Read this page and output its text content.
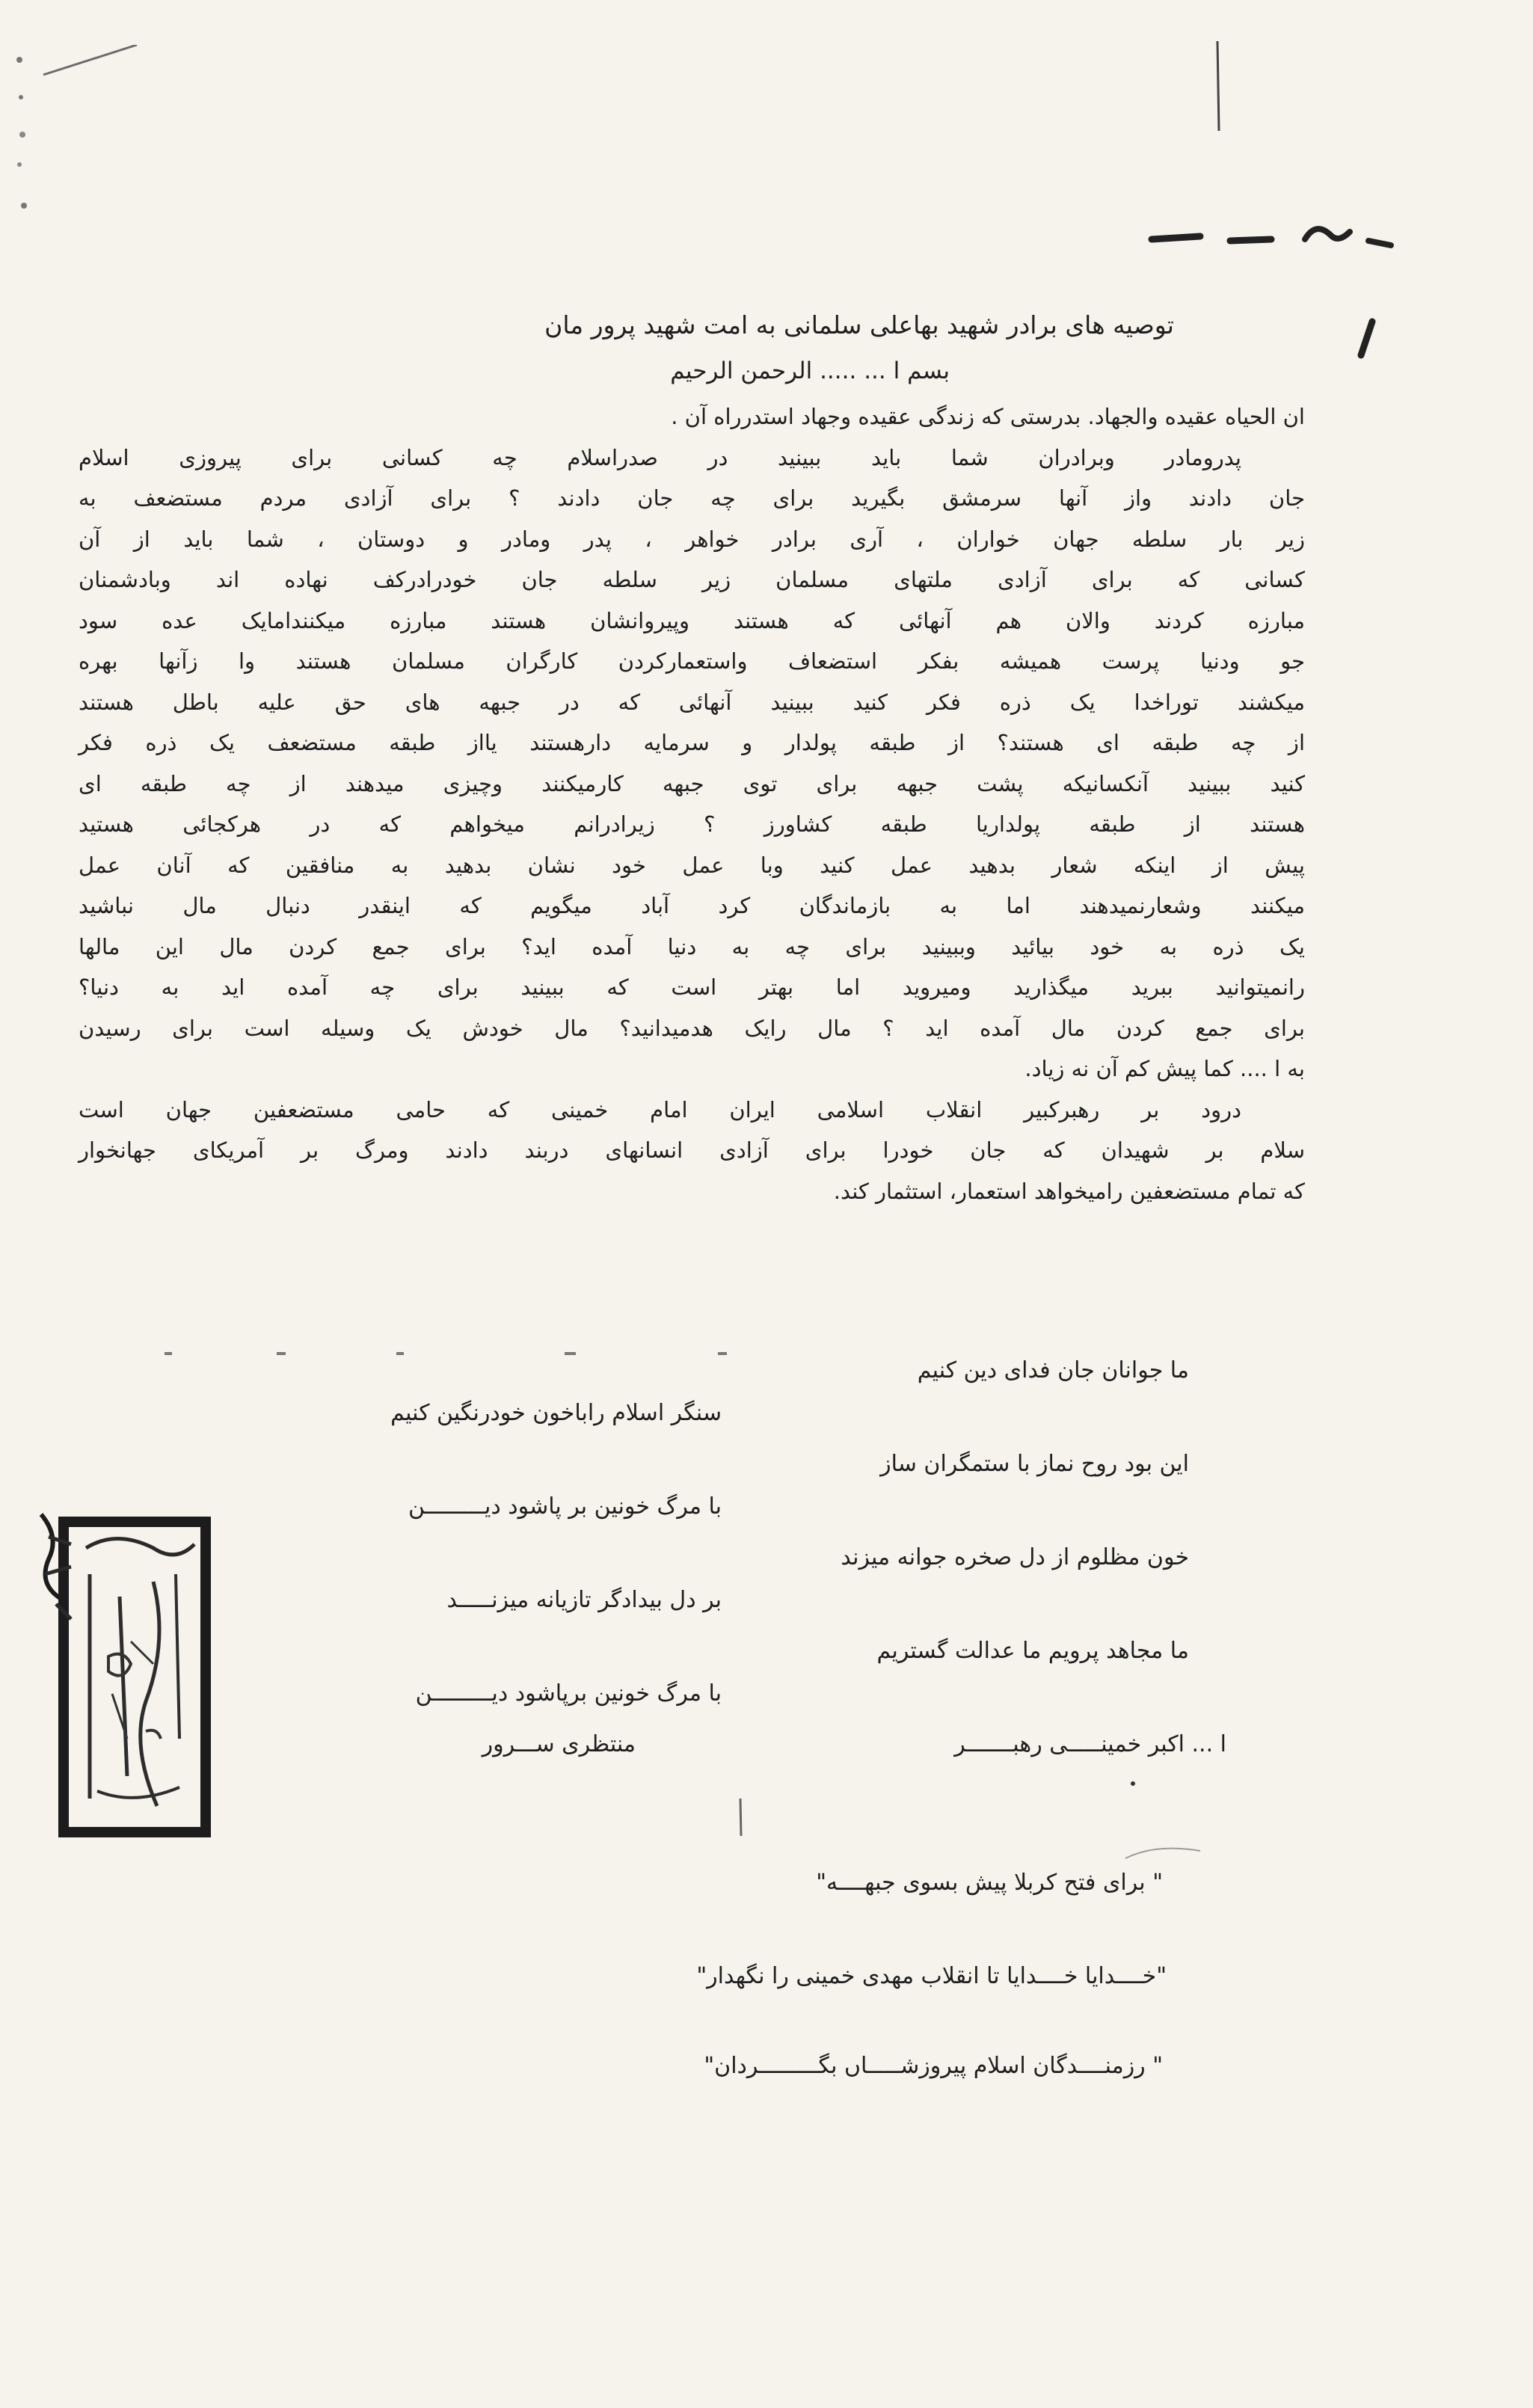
توصیه های برادر شهید بهاعلی سلمانی به امت شهید پرور مان
بسم ا ... ..... الرحمن الرحیم
ان الحیاه عقیده والجهاد. بدرستی که زندگی عقیده وجهاد استدرراه آن .
پدرومادر وبرادران شما باید ببینید در صدراسلام چه کسانی برای پیروزی اسلام
جان دادند واز آنها سرمشق بگیرید برای چه جان دادند ؟ برای آزادی مردم مستضعف به
زیر بار سلطه جهان خواران ، آری برادر خواهر ، پدر ومادر و دوستان ، شما باید از آن
کسانی که برای آزادی ملتهای مسلمان زیر سلطه جان خودرادرکف نهاده اند وبادشمنان
مبارزه کردند والان هم آنهائی که هستند وپیروانشان هستند مبارزه میکنندامایک عده سود
جو ودنیا پرست همیشه بفکر استضعاف واستعمارکردن کارگران مسلمان هستند وا زآنها بهره
میکشند توراخدا یک ذره فکر کنید ببینید آنهائی که در جبهه های حق علیه باطل هستند
از چه طبقه ای هستند؟ از طبقه پولدار و سرمایه دارهستند یااز طبقه مستضعف یک ذره فکر
کنید ببینید آنکسانیکه پشت جبهه برای توی جبهه کارمیکنند وچیزی میدهند از چه طبقه ای
هستند از طبقه پولداریا طبقه کشاورز ؟ زیرادرانم میخواهم که در هرکجائی هستید
پیش از اینکه شعار بدهید عمل کنید وبا عمل خود نشان بدهید به منافقین که آنان عمل
میکنند وشعارنمیدهند اما به بازماندگان کرد آباد میگویم که اینقدر دنبال مال نباشید
یک ذره به خود بیائید وببینید برای چه به دنیا آمده اید؟ برای جمع کردن مال این مالها
رانمیتوانید ببرید میگذارید ومیروید اما بهتر است که ببینید برای چه آمده اید به دنیا؟
برای جمع کردن مال آمده اید ؟ مال رایک هدمیدانید؟ مال خودش یک وسیله است برای رسیدن
به ا .... کما پیش کم آن نه زیاد.
درود بر رهبرکبیر انقلاب اسلامی ایران امام خمینی که حامی مستضعفین جهان است
سلام بر شهیدان که جان خودرا برای آزادی انسانهای دربند دادند ومرگ بر آمریکای جهانخوار
که تمام مستضعفین رامیخواهد استعمار، استثمار کند.
ما جوانان جان فدای دین کنیم
سنگر اسلام راباخون خودرنگین کنیم
این بود روح نماز با ستمگران ساز
با مرگ خونین بر پاشود دیـــــــــن
خون مظلوم از دل صخره جوانه میزند
بر دل بیدادگر تازیانه میزنـــــد
ما مجاهد پرویم ما عدالت گستریم
با مرگ خونین برپاشود دیـــــــــن
ا ... اکبر خمینـــــی رهبـــــــر
منتظری ســـرور
" برای فتح کربلا پیش بسوی جبهــــه"
"خــــدایا خــــدایا تا انقلاب مهدی خمینی را نگهدار"
" رزمنــــدگان اسلام پیروزشـــــاں بگـــــــــردان"
